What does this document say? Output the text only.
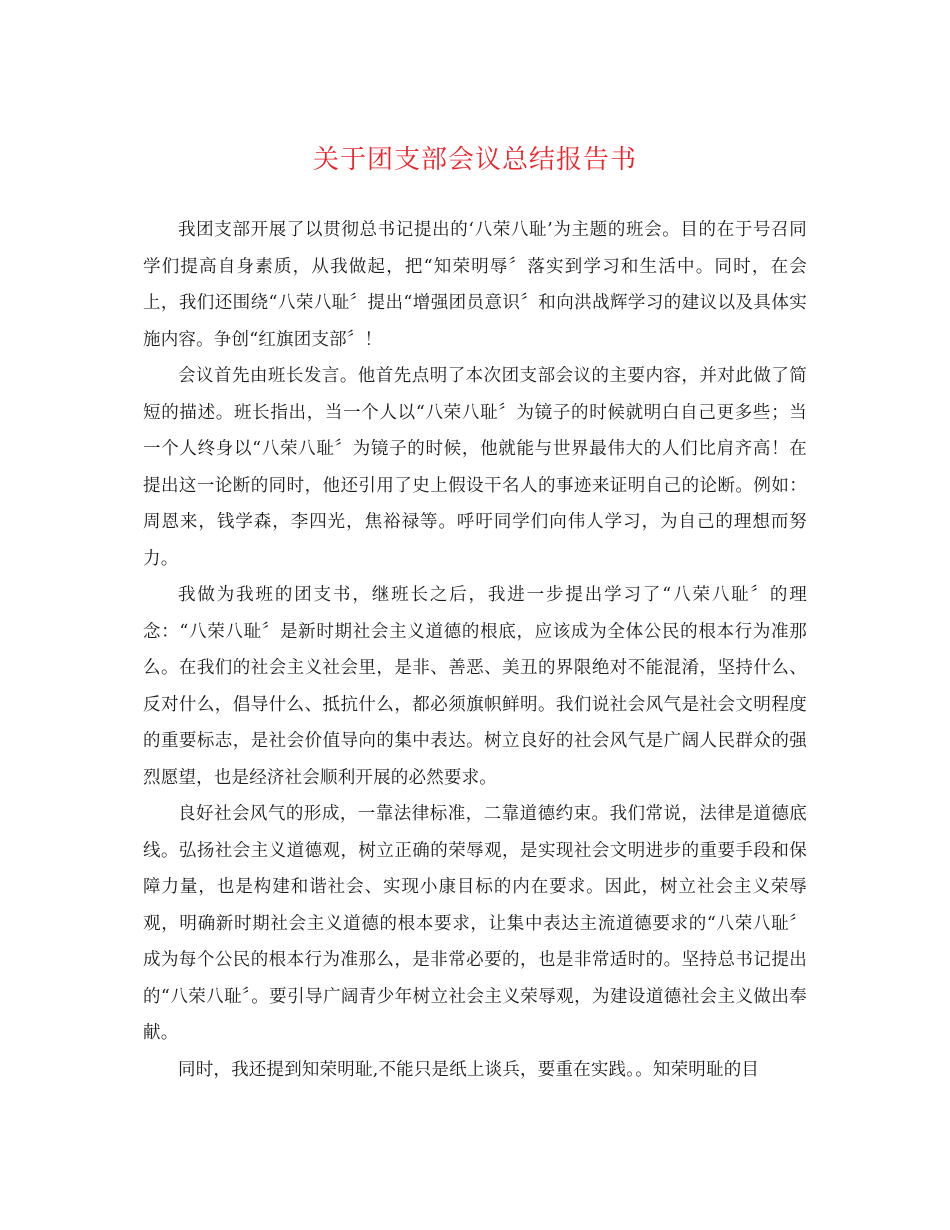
关于团支部会议总结报告书

我团支部开展了以贯彻总书记提出的‘八荣八耻’为主题的班会。目的在于号召同学们提高自身素质，从我做起，把“知荣明辱〞落实到学习和生活中。同时，在会上，我们还围绕“八荣八耻〞提出“增强团员意识〞和向洪战辉学习的建议以及具体实施内容。争创“红旗团支部〞！

会议首先由班长发言。他首先点明了本次团支部会议的主要内容，并对此做了简短的描述。班长指出，当一个人以“八荣八耻〞为镜子的时候就明白自己更多些；当一个人终身以“八荣八耻〞为镜子的时候，他就能与世界最伟大的人们比肩齐高！在提出这一论断的同时，他还引用了史上假设干名人的事迹来证明自己的论断。例如：周恩来，钱学森，李四光，焦裕禄等。呼吁同学们向伟人学习，为自己的理想而努力。

我做为我班的团支书，继班长之后，我进一步提出学习了“八荣八耻〞的理念：“八荣八耻〞是新时期社会主义道德的根底，应该成为全体公民的根本行为准那么。在我们的社会主义社会里，是非、善恶、美丑的界限绝对不能混淆，坚持什么、反对什么，倡导什么、抵抗什么，都必须旗帜鲜明。我们说社会风气是社会文明程度的重要标志，是社会价值导向的集中表达。树立良好的社会风气是广阔人民群众的强烈愿望，也是经济社会顺利开展的必然要求。

良好社会风气的形成，一靠法律标准，二靠道德约束。我们常说，法律是道德底线。弘扬社会主义道德观，树立正确的荣辱观，是实现社会文明进步的重要手段和保障力量，也是构建和谐社会、实现小康目标的内在要求。因此，树立社会主义荣辱观，明确新时期社会主义道德的根本要求，让集中表达主流道德要求的“八荣八耻〞成为每个公民的根本行为准那么，是非常必要的，也是非常适时的。坚持总书记提出的“八荣八耻〞。要引导广阔青少年树立社会主义荣辱观，为建设道德社会主义做出奉献。

同时，我还提到知荣明耻,不能只是纸上谈兵，要重在实践。。知荣明耻的目
